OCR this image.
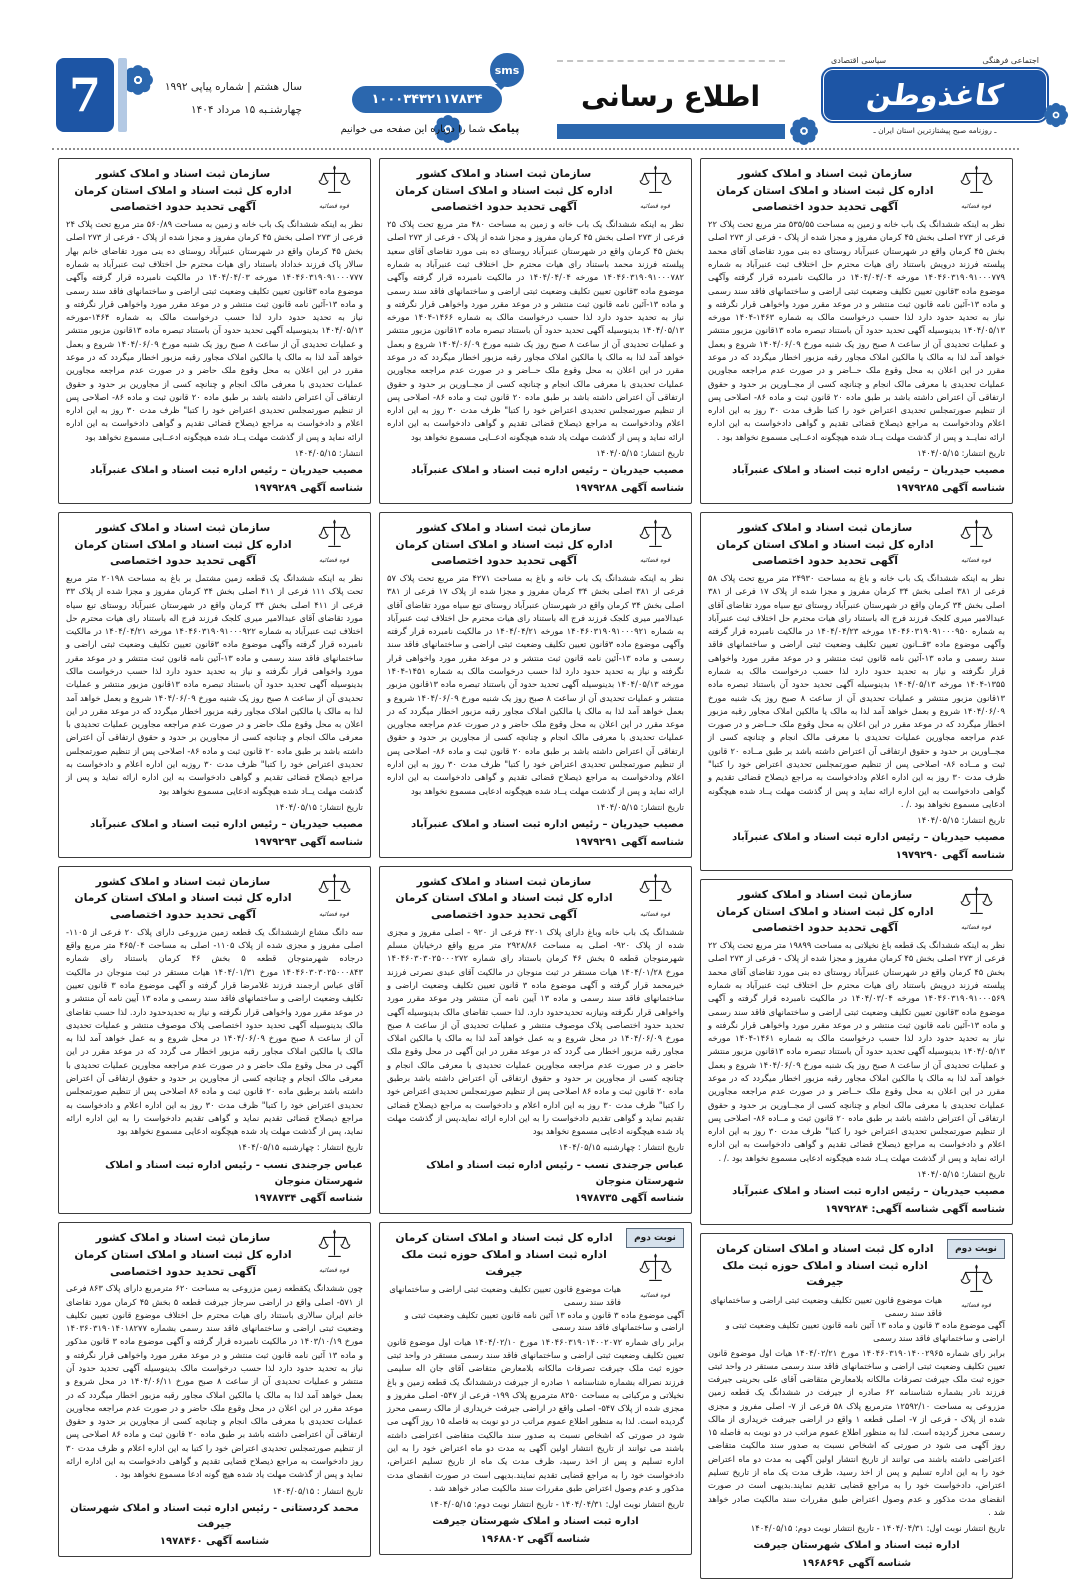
اجتماعی فرهنگی
سیاسی اقتصادی
کاغذوطن
ـ روزنامه صبح پیشتازترین استان ایران ـ
اطلاع رسانی
sms
۱۰۰۰۳۴۳۲۱۱۷۸۳۴
پیامک شما را درباره این صفحه می خوانیم
سال هشتم | شماره پیاپی ۱۹۹۲
چهارشنـبه ۱۵ مرداد ۱۴۰۴
7
قوه قضائیه
سازمان ثبت اسناد و املاک کشور
اداره کل ثبت اسناد و املاک استان کرمان
آگهی تحدید حدود اختصاصی

نظر به اینکه ششدانگ یک باب خانه و زمین به مساحت ۵۳۵/۵۵ متر مربع تحت پلاک ۲۲ فرعی از ۲۷۳ اصلی بخش ۴۵ کرمان مفروز و مجزا شده از پلاک - فرعی از ۲۷۳ اصلی بخش ۴۵ کرمان واقع در شهرستان عنبرآباد روستای ده بنی مورد تقاضای آقای محمد پیلسته فرزند درویش باستناد رای هیات محترم حل اختلاف ثبت عنبرآباد به شماره ۱۴۰۴۶۰۳۱۹۰۹۱۰۰۰۷۷۹ مورخه ۱۴۰۴/۰۴/۰۴ در مالکیت نامبرده قرار گرفته وآگهی موضوع ماده ۳قانون تعیین تکلیف وضعیت ثبتی اراضی و ساختمانهای فاقد سند رسمی و ماده ۱۳-آئین نامه قانون ثبت منتشر و در موعد مقرر مورد واخواهی قرار نگرفته و نیاز به تحدید حدود دارد لذا حسب درخواست مالک به شماره ۱۴۶۳-۱۴۰۴ مورخه ۱۴۰۴/۰۵/۱۳ بدینوسیله آگهی تحدید حدود آن باستناد تبصره ماده ۱۳قانون مزبور منتشر و عملیات تحدیدی آن از ساعت ۸ صبح روز یک شنبه مورخ ۱۴۰۴/۰۶/۰۹ شروع و بعمل خواهد آمد لذا به مالک یا مالکین املاک مجاور رقبه مزبور اخطار میگردد که در موعد مقرر در این اعلان به محل وقوع ملک حــاضر و در صورت عدم مراجعه مجاورین عملیات تحدیدی با معرفی مالک انجام و چنانچه کسی از مجــاورین بر حدود و حقوق ارتفاقی آن اعتراض داشته باشد بر طبق ماده ۲۰ قانون ثبت و ماده ۸۶- اصلاحی پس از تنظیم صورتمجلس تحدیدی اعتراض خود را کتبا ظرف مدت ۳۰ روز به این اداره اعلام ودادخواست به مراجع ذیصلاح قضائی تقدیم و گواهی دادخواست به این اداره ارائه نمایــد و پس از گذشت مهلت یــاد شده هیچگونه ادعــایی مسموع نخواهد بود .

تاریخ انتشار: ۱۴۰۴/۰۵/۱۵
مصیب حیدریان – رئیس اداره ثبت اسناد و املاک عنبرآباد
شناسه آگهی ۱۹۷۹۲۸۵
قوه قضائیه
سازمان ثبت اسناد و املاک کشور
اداره کل ثبت اسناد و املاک استان کرمان
آگهی تحدید حدود اختصاصی

نظر به اینکه ششدانگ یک باب خانه و باغ به مساحت ۲۴۹۳۰ متر مربع تحت پلاک ۵۸ فرعی از ۳۸۱ اصلی بخش ۳۴ کرمان مفروز و مجزا شده از پلاک ۱۷ فرعی از ۳۸۱ اصلی بخش ۳۴ کرمان واقع در شهرستان عنبرآباد روستای تبع سیاه مورد تقاضای آقای عبدالامیر میری کلجک فرزند فرج اله باستناد رای هیات محترم حل اختلاف ثبت عنبرآباد به شماره ۱۴۰۴۶۰۳۱۹۰۹۱۰۰۰۹۵۰ مورخه ۱۴۰۴/۰۴/۲۳ در مالکیت نامبرده قرار گرفته وآگهی موضوع ماده ۳قــانون تعیین تکلیف وضعیت ثبتی اراضی و ساختمانهای فاقد سند رسمی و ماده ۱۳-آئین نامه قانون ثبت منتشر و در موعد مقرر مورد واخواهی قرار نگرفته و نیاز به تحدید حدود دارد لذا حسب درخواست مالک به شماره ۱۳۵۵-۱۴۰۴ مورخه ۱۴۰۴/۰۵/۱۳ بدینوسیله آگهی تحدید حدود آن باستناد تبصره ماده ۱۳قانون مزبور منتشر و عملیات تحدیدی آن از ساعت ۸ صبح روز یک شنبه مورخ ۱۴۰۴/۰۶/۰۹ شروع و بعمل خواهد آمد لذا به مالک یا مالکین املاک مجاور رقبه مزبور اخطار میگردد که در موعد مقرر در این اعلان به محل وقوع ملک حــاضر و در صورت عدم مراجعه مجاورین عملیات تحدیدی با معرفی مالک انجام و چنانچه کسی از مجــاورین بر حدود و حقوق ارتفاقی آن اعتراض داشته باشد بر طبق مــاده ۲۰ قانون ثبت و مــاده ۸۶- اصلاحی پس از تنظیم صورتمجلس تحدیدی اعتراض خود را کتبا" ظرف مدت ۳۰ روز به این اداره اعلام ودادخواست به مراجع ذیصلاح قضائی تقدیم و گواهی دادخواست به این اداره ارائه نماید و پس از گذشت مهلت یــاد شده هیچگونه ادعایی مسموع نخواهد بود ./ .

تاریخ انتشار: ۱۴۰۴/۰۵/۱۵
مصیب حیدریان – رئیس اداره ثبت اسناد و املاک عنبرآباد
شناسه آگهی ۱۹۷۹۲۹۰
قوه قضائیه
سازمان ثبت اسناد و املاک کشور
اداره کل ثبت اسناد و املاک استان کرمان
آگهی تحدید حدود اختصاصی

نظر به اینکه ششدانگ یک قطعه باغ نخیلاتی به مساحت ۱۹۸۹۹ متر مربع تحت پلاک ۲۲ فرعی از ۲۷۳ اصلی بخش ۴۵ کرمان مفروز و مجزا شده از پلاک - فرعی از ۲۷۳ اصلی بخش ۴۵ کرمان واقع در شهرستان عنبرآباد روستای ده بنی مورد تقاضای آقای محمد پیلسته فرزند درویش باستناد رای هیات محترم حل اختلاف ثبت عنبرآباد به شماره ۱۴۰۴۶۰۳۱۹۰۹۱۰۰۰۵۶۹ مورخه ۱۴۰۴/۰۳/۰۴ در مالکیت نامبرده قرار گرفته و آگهی موضوع ماده ۳قانون تعیین تکلیف وضعیت ثبتی اراضی و ساختمانهای فاقد سند رسمی و ماده ۱۳-آئین نامه قانون ثبت منتشر و در موعد مقرر مورد واخواهی قرار نگرفته و نیاز به تحدید حدود دارد لذا حسب درخواست مالک به شماره ۱۴۶۱-۱۴۰۴ مورخه ۱۴۰۴/۰۵/۱۳ بدینوسیله آگهی تحدید حدود آن باستناد تبصره ماده ۱۳قانون مزبور منتشر و عملیات تحدیدی آن از ساعت ۸ صبح روز یک شنبه مورخ ۱۴۰۴/۰۶/۰۹ شروع و بعمل خواهد آمد لذا به مالک یا مالکین املاک مجاور رقبه مزبور اخطار میگردد که در موعد مقرر در این اعلان به محل وقوع ملک حــاضر و در صورت عدم مراجعه مجاورین عملیات تحدیدی با معرفی مالک انجام و چنانچه کسی از مجــاورین بر حدود و حقوق ارتفاقی آن اعتراض داشته باشد بر طبق ماده ۲۰ قانون ثبت و مــاده ۸۶- اصلاحی پس از تنظیم صورتمجلس تحدیدی اعتراض خود را کتبا" ظرف مدت ۳۰ روز به این اداره اعلام و دادخواست به مراجع ذیصلاح قضائی تقدیم و گواهی دادخواست به این اداره ارائه نماید و پس از گذشت مهلت یــاد شده هیچگونه ادعایی مسموع نخواهد بود ./ .

تاریخ انتشار: ۱۴۰۴/۰۵/۱۵
مصیب حیدریان – رئیس اداره ثبت اسناد و املاک عنبرآباد
شناسه آگهی شناسه آگهی: ۱۹۷۹۲۸۴
نوبت دوم
قوه قضائیه
اداره کل ثبت اسناد و املاک استان کرمان
اداره ثبت اسناد و املاک حوزه ثبت ملک جیرفت
هیات موضوع قانون تعیین تکلیف وضعیت ثبتی اراضی و ساختمانهای فاقد سند رسمی
آگهی موضوع ماده ۳ قانون و ماده ۱۳ آئین نامه قانون تعیین تکلیف وضعیت ثبتی و اراضی و ساختمانهای فاقد سند رسمی

برابر رای شماره ۱۴۰۴۶۰۳۱۹۰۱۴۰۰۲۹۶۵ مورخ ۱۴۰۴/۰۲/۲۱ هیات اول موضوع قانون تعیین تکلیف وضعیت ثبتی اراضی و ساختمانهای فاقد سند رسمی مستقر در واحد ثبتی حوزه ثبت ملک جیرفت تصرفات مالکانه بلامعارض متقاضی آقای علی بحرینی جیرفت فرزند نادر بشماره شناسنامه ۶۲ صادره از جیرفت در ششدانگ یک قطعه زمین مزروعی به مساحت ۱۲۵۹۲/۱۰ مترمربع پلاک ۵۸ فرعی از ۷- اصلی مفروز و مجزی شده از پلاک - فرعی از ۷- اصلی قطعه ۱ واقع در اراضی جیرفت خریداری از مالک رسمی محرز گردیده است. لذا به منظور اطلاع عموم مراتب در دو نوبت به فاصله ۱۵ روز آگهی می شود در صورتی که اشخاص نسبت به صدور سند مالکیت متقاضی اعتراضی داشته باشند می توانند از تاریخ انتشار اولین آگهی به مدت دو ماه اعتراض خود را به این اداره تسلیم و پس از اخذ رسید، ظرف مدت یک ماه از تاریخ تسلیم اعتراض، دادخواست خود را به مراجع قضایی تقدیم نمایند.بدیهی است در صورت انقضای مدت مذکور و عدم وصول اعتراض طبق مقررات سند مالکیت صادر خواهد شد .

تاریخ انتشار نوبت اول: ۱۴۰۴/۰۴/۳۱ - تاریخ انتشار نوبت دوم: ۱۴۰۴/۰۵/۱۵
اداره ثبت اسناد و املاک شهرستان جیرفت
شناسه آگهی ۱۹۶۸۶۹۶
قوه قضائیه
سازمان ثبت اسناد و املاک کشور
اداره کل ثبت اسناد و املاک استان کرمان
آگهی تحدید حدود اختصاصی

نظر به اینکه ششدانگ یک باب خانه و زمین به مساحت ۴۸۰ متر مربع تحت پلاک ۲۵ فرعی از ۲۷۳ اصلی بخش ۴۵ کرمان مفروز و مجزا شده از پلاک - فرعی از ۲۷۳ اصلی بخش ۴۵ کرمان واقع در شهرستان عنبرآباد روستای ده بنی مورد تقاضای آقای سعید پیلسته فرزند محمد باستناد رای هیات محترم حل اختلاف ثبت عنبرآباد به شماره ۱۴۰۴۶۰۳۱۹۰۹۱۰۰۰۷۸۲ مورخه ۱۴۰۴/۰۴/۰۴ در مالکیت نامبرده قرار گرفته وآگهی موضوع ماده ۳قانون تعیین تکلیف وضعیت ثبتی اراضی و ساختمانهای فاقد سند رسمی و ماده ۱۳-آئین نامه قانون ثبت منتشر و در موعد مقرر مورد واخواهی قرار نگرفته و نیاز به تحدید حدود دارد لذا حسب درخواست مالک به شماره ۱۴۶۶-۱۴۰۴ مورخه ۱۴۰۴/۰۵/۱۳ بدینوسیله آگهی تحدید حدود آن باستناد تبصره ماده ۱۳قانون مزبور منتشر و عملیات تحدیدی آن از ساعت ۸ صبح روز یک شنبه مورخ ۱۴۰۴/۰۶/۰۹ شروع و بعمل خواهد آمد لذا به مالک یا مالکین املاک مجاور رقبه مزبور اخطار میگردد که در موعد مقرر در این اعلان به محل وقوع ملک حــاضر و در صورت عدم مراجعه مجاورین عملیات تحدیدی با معرفی مالک انجام و چنانچه کسی از مجــاورین بر حدود و حقوق ارتفاقی آن اعتراض داشته باشد بر طبق ماده ۲۰ قانون ثبت و ماده ۸۶- اصلاحی پس از تنظیم صورتمجلس تحدیدی اعتراض خود را کتبا" ظرف مدت ۳۰ روز به این اداره اعلام ودادخواست به مراجع ذیصلاح قضائی تقدیم و گواهی دادخواست به این اداره ارائه نماید و پس از گذشت مهلت یاد شده هیچگونه ادعــایی مسموع نخواهد بود

تاریخ انتشار: ۱۴۰۴/۰۵/۱۵
مصیب حیدریان – رئیس اداره ثبت اسناد و املاک عنبرآباد
شناسه آگهی ۱۹۷۹۲۸۸
قوه قضائیه
سازمان ثبت اسناد و املاک کشور
اداره کل ثبت اسناد و املاک استان کرمان
آگهی تحدید حدود اختصاصی

نظر به اینکه ششدانگ یک باب خانه و باغ به مساحت ۴۲۷۱ متر مربع تحت پلاک ۵۷ فرعی از ۳۸۱ اصلی بخش ۳۴ کرمان مفروز و مجزا شده از پلاک ۱۷ فرعی از ۳۸۱ اصلی بخش ۳۴ کرمان واقع در شهرستان عنبرآباد روستای تبع سیاه مورد تقاضای آقای عبدالامیر میری کلجک فرزند فرج اله باستناد رای هیات محترم حل اختلاف ثبت عنبرآباد به شماره ۱۴۰۴۶۰۳۱۹۰۹۱۰۰۰۹۲۱ مورخه ۱۴۰۴/۰۴/۲۱ در مالکیت نامبرده قرار گرفته وآگهی موضوع ماده ۳قانون تعیین تکلیف وضعیت ثبتی اراضی و ساختمانهای فاقد سند رسمی و ماده ۱۳-آئین نامه قانون ثبت منتشر و در موعد مقرر مورد واخواهی قرار نگرفته و نیاز به تحدید حدود دارد لذا حسب درخواست مالک به شماره ۱۴۵۱-۱۴۰۴ مورخه ۱۴۰۴/۰۵/۱۳ بدینوسیله آگهی تحدید حدود آن باستناد تبصره ماده ۱۳قانون مزبور منتشر و عملیات تحدیدی آن از ساعت ۸ صبح روز یک شنبه مورخ ۱۴۰۴/۰۶/۰۹ شروع و بعمل خواهد آمد لذا به مالک یا مالکین املاک مجاور رقبه مزبور اخطار میگردد که در موعد مقرر در این اعلان به محل وقوع ملک حاضر و در صورت عدم مراجعه مجاورین عملیات تحدیدی با معرفی مالک انجام و چنانچه کسی از مجاورین بر حدود و حقوق ارتفاقی آن اعتراض داشته باشد بر طبق ماده ۲۰ قانون ثبت و ماده ۸۶- اصلاحی پس از تنظیم صورتمجلس تحدیدی اعتراض خود را کتبا" ظرف مدت ۳۰ روز به این اداره اعلام ودادخواست به مراجع ذیصلاح قضائی تقدیم و گواهی دادخواست به این اداره ارائه نماید و پس از گذشت مهلت یــاد شده هیچگونه ادعایی مسموع نخواهد بود

تاریخ انتشار: ۱۴۰۴/۰۵/۱۵
مصیب حیدریان – رئیس اداره ثبت اسناد و املاک عنبرآباد
شناسه آگهی ۱۹۷۹۲۹۱
قوه قضائیه
سازمان ثبت اسناد و املاک کشور
اداره کل ثبت اسناد و املاک استان کرمان
آگهی تحدید حدود اختصاصی

ششدانگ یک باب خانه وباغ دارای پلاک ۴۲۰۱ فرعی از ۹۲۰ - اصلی مفروز و مجزی شده از پلاک ۹۲۰- اصلی به مساحت ۲۹۲۸/۸۶ متر مربع واقع درخیابان مسلم شهرمنوجان قطعه ۵ بخش ۴۶ کرمان باستناد رای شماره ۱۴۰۴۶۰۳۰۳۰۲۵۰۰۰۲۷۲ مورخ ۱۴۰۴/۰۱/۲۸ هیات مستقر در ثبت منوجان در مالکیت آقای عبدی نصرتی فرزند خیرمحمد قرار گرفته و آگهی موضوع ماده ۳ قانون تعیین تکلیف وضعیت اراضی و ساختمانهای فاقد سند رسمی و ماده ۱۳ آیین نامه آن منتشر ودر موعد مقرر مورد واخواهی قرار نگرفته ونیازبه تحدیدحدود دارد. لذا حسب تقاضای مالک بدینوسیله آگهی تحدید حدود اختصاصی پلاک موصوف منتشر و عملیات تحدیدی آن از ساعت ۸ صبح مورخ ۱۴۰۴/۰۶/۰۹ در محل شروع و به عمل خواهد آمد لذا به مالک یا مالکین املاک مجاور رقبه مزبور اخطار می گردد که در موعد مقرر در این آگهی در محل وقوع ملک حاضر و در صورت عدم مراجعه مجاورین عملیات تحدیدی با معرفی مالک انجام و چنانچه کسی از مجاورین بر حدود و حقوق ارتفاقی آن اعتراض داشته باشد برطبق ماده ۲۰ قانون ثبت و ماده ۸۶ اصلاحی پس از تنظیم صورتمجلس تحدیدی اعتراض خود را کتبا" ظرف مدت ۳۰ روز به این اداره اعلام و دادخواست به مراجع ذیصلاح قضائی تقدیم نماید و گواهی تقدیم دادخواست را به این اداره ارائه نماید،پس از گذشت مهلت یاد شده هیچگونه ادعایی مسموع نخواهد بود

تاریخ انتشار : چهارشنبه ۱۴۰۴/۰۵/۱۵
عباس جرجندی نسب - رئیس اداره ثبت اسناد و املاک شهرستان منوجان
شناسه آگهی ۱۹۷۸۷۳۵
نوبت دوم
قوه قضائیه
اداره کل ثبت اسناد و املاک استان کرمان
اداره ثبت اسناد و املاک حوزه ثبت ملک جیرفت
هیات موضوع قانون تعیین تکلیف وضعیت ثبتی اراضی و ساختمانهای فاقد سند رسمی
آگهی موضوع ماده ۳ قانون و ماده ۱۳ آئین نامه قانون تعیین تکلیف وضعیت ثبتی و اراضی و ساختمانهای فاقد سند رسمی

برابر رای شماره ۱۴۰۴۶۰۳۱۹۰۱۴۰۰۲۰۷۲ مورخ ۱۴۰۴/۰۲/۱۰ هیات اول موضوع قانون تعیین تکلیف وضعیت ثبتی اراضی و ساختمانهای فاقد سند رسمی مستقر در واحد ثبتی حوزه ثبت ملک جیرفت تصرفات مالکانه بلامعارض متقاضی آقای جان اله سلیمی فرزند نصراله بشماره شناسنامه ۱ صادره از جیرفت درششدانگ یک قطعه زمین و باغ نخیلاتی و مرکباتی به مساحت ۸۲۵۰ مترمربع پلاک ۱۹۹- فرعی از ۵۴۷- اصلی مفروز و مجزی شده از پلاک ۵۴۷- اصلی واقع در اراضی جیرفت خریداری از مالک رسمی محرز گردیده است. لذا به منظور اطلاع عموم مراتب در دو نوبت به فاصله ۱۵ روز آگهی می شود در صورتی که اشخاص نسبت به صدور سند مالکیت متقاضی اعتراضی داشته باشند می توانند از تاریخ انتشار اولین آگهی به مدت دو ماه اعتراض خود را به این اداره تسلیم و پس از اخذ رسید، ظرف مدت یک ماه از تاریخ تسلیم اعتراض، دادخواست خود را به مراجع قضایی تقدیم نمایند.بدیهی است در صورت انقضای مدت مذکور و عدم وصول اعتراض طبق مقررات سند مالکیت صادر خواهد شد .

تاریخ انتشار نوبت اول: ۱۴۰۴/۰۴/۳۱ - تاریخ انتشار نوبت دوم: ۱۴۰۴/۰۵/۱۵
اداره ثبت اسناد و املاک شهرستان جیرفت
شناسه آگهی ۱۹۶۸۸۰۲
قوه قضائیه
سازمان ثبت اسناد و املاک کشور
اداره کل ثبت اسناد و املاک استان کرمان
آگهی تحدید حدود اختصاصی

نظر به اینکه ششدانگ یک باب خانه و زمین به مساحت ۵۶۰/۸۹ متر مربع تحت پلاک ۲۴ فرعی از ۲۷۳ اصلی بخش ۴۵ کرمان مفروز و مجزا شده از پلاک - فرعی از ۲۷۳ اصلی بخش ۴۵ کرمان واقع در شهرستان عنبرآباد روستای ده بنی مورد تقاضای خانم بهار سالار پاک فرزند خداداد باستناد رای هیات محترم حل اختلاف ثبت عنبرآباد به شماره ۱۴۰۴۶۰۳۱۹۰۹۱۰۰۰۷۷۷ مورخه ۱۴۰۴/۰۴/۰۳ در مالکیت نامبرده قرار گرفته وآگهی موضوع ماده ۳قانون تعیین تکلیف وضعیت ثبتی اراضی و ساختمانهای فاقد سند رسمی و ماده ۱۳-آئین نامه قانون ثبت منتشر و در موعد مقرر مورد واخواهی قرار نگرفته و نیاز به تحدید حدود دارد لذا حسب درخواست مالک به شماره ۱۴۶۴-مورخه ۱۴۰۴/۰۵/۱۳ بدینوسیله آگهی تحدید حدود آن باستناد تبصره ماده ۱۳قانون مزبور منتشر و عملیات تحدیدی آن از ساعت ۸ صبح روز یک شنبه مورخ ۱۴۰۴/۰۶/۰۹ شروع و بعمل خواهد آمد لذا به مالک یا مالکین املاک مجاور رقبه مزبور اخطار میگردد که در موعد مقرر در این اعلان به محل وقوع ملک حاضر و در صورت عدم مراجعه مجاورین عملیات تحدیدی با معرفی مالک انجام و چنانچه کسی از مجاورین بر حدود و حقوق ارتفاقی آن اعتراض داشته باشد بر طبق ماده ۲۰ قانون ثبت و ماده ۸۶- اصلاحی پس از تنظیم صورتمجلس تحدیدی اعتراض خود را کتبا" ظرف مدت ۳۰ روز به این اداره اعلام و دادخواست به مراجع ذیصلاح قضائی تقدیم و گواهی دادخواست به این اداره ارائه نماید و پس از گذشت مهلت یــاد شده هیچگونه ادعــایی مسموع نخواهد بود

انتشار: ۱۴۰۴/۰۵/۱۵
مصیب حیدریان – رئیس اداره ثبت اسناد و املاک عنبرآباد
شناسه آگهی ۱۹۷۹۲۸۹
قوه قضائیه
سازمان ثبت اسناد و املاک کشور
اداره کل ثبت اسناد و املاک استان کرمان
آگهی تحدید حدود اختصاصی

نظر به اینکه ششدانگ یک قطعه زمین مشتمل بر باغ به مساحت ۲۰۱۹۸ متر مربع تحت پلاک ۱۱۱ فرعی از ۴۱۱ اصلی بخش ۳۴ کرمان مفروز و مجزا شده از پلاک ۳۳ فرعی از ۴۱۱ اصلی بخش ۳۴ کرمان واقع در شهرستان عنبرآباد روستای تبع سیاه مورد تقاضای آقای عبدالامیر میری کلجک فرزند فرج اله باستناد رای هیات محترم حل اختلاف ثبت عنبرآباد به شماره ۱۴۰۴۶۰۳۱۹۰۹۱۰۰۰۹۲۲ مورخه ۱۴۰۴/۰۴/۲۱ در مالکیت نامبرده قرار گرفته وآگهی موضوع ماده ۳قانون تعیین تکلیف وضعیت ثبتی اراضی و ساختمانهای فاقد سند رسمی و ماده ۱۳-آئین نامه قانون ثبت منتشر و در موعد مقرر مورد واخواهی قرار نگرفته و نیاز به تحدید حدود دارد لذا حسب درخواست مالک بدینوسیله آگهی تحدید حدود آن باستناد تبصره ماده ۱۳قانون مزبور منتشر و عملیات تحدیدی آن از ساعت ۸ صبح روز یک شنبه مورخ ۱۴۰۴/۰۶/۰۹ شروع و بعمل خواهد آمد لذا به مالک یا مالکین املاک مجاور رقبه مزبور اخطار میگردد که در موعد مقرر در این اعلان به محل وقوع ملک حاضر و در صورت عدم مراجعه مجاورین عملیات تحدیدی با معرفی مالک انجام و چنانچه کسی از مجاورین بر حدود و حقوق ارتفاقی آن اعتراض داشته باشد بر طبق ماده ۲۰ قانون ثبت و ماده ۸۶- اصلاحی پس از تنظیم صورتمجلس تحدیدی اعتراض خود را کتبا" ظرف مدت ۳۰ روزبه این اداره اعلام و دادخواست به مراجع ذیصلاح قضائی تقدیم و گواهی دادخواست به این اداره ارائه نماید و پس از گذشت مهلت یــاد شده هیچگونه ادعایی مسموع نخواهد بود

تاریخ انتشار: ۱۴۰۴/۰۵/۱۵
مصیب حیدریان – رئیس اداره ثبت اسناد و املاک عنبرآباد
شناسه آگهی ۱۹۷۹۲۹۳
قوه قضائیه
سازمان ثبت اسناد و املاک کشور
اداره کل ثبت اسناد و املاک استان کرمان
آگهی تحدید حدود اختصاصی

سه دانگ مشاع ازششدانگ یک قطعه زمین مزروعی دارای پلاک ۲۰ فرعی از ۱۱۰۵- اصلی مفروز و مجزی شده از پلاک ۱۱۰۵- اصلی به مساحت ۴۶۵/۰۴ متر مربع واقع درجاده شهرمنوجان قطعه ۵ بخش ۴۶ کرمان باستناد رای شماره ۱۴۰۴۶۰۳۰۳۰۲۵۰۰۰۸۴۳ مورخ ۱۴۰۴/۰۱/۳۱ هیات مستقر در ثبت منوجان در مالکیت آقای عباس ارجمند فرزند غلامرضا قرار گرفته و آگهی موضوع ماده ۳ قانون تعیین تکلیف وضعیت اراضی و ساختمانهای فاقد سند رسمی و ماده ۱۳ آیین نامه آن منتشر و در موعد مقرر مورد واخواهی قرار نگرفته و نیاز به تحدیدحدود دارد. لذا حسب تقاضای مالک بدینوسیله آگهی تحدید حدود اختصاصی پلاک موصوف منتشر و عملیات تحدیدی آن از ساعت ۸ صبح مورخ ۱۴۰۴/۰۶/۰۹ در محل شروع و به عمل خواهد آمد لذا به مالک یا مالکین املاک مجاور رقبه مزبور اخطار می گردد که در موعد مقرر در این آگهی در محل وقوع ملک حاضر و در صورت عدم مراجعه مجاورین عملیات تحدیدی با معرفی مالک انجام و چنانچه کسی از مجاورین بر حدود و حقوق ارتفاقی آن اعتراض داشته باشد برطبق ماده ۲۰ قانون ثبت و ماده ۸۶ اصلاحی پس از تنظیم صورتمجلس تحدیدی اعتراض خود را کتبا" ظرف مدت ۳۰ روز به این اداره اعلام و دادخواست به مراجع ذیصلاح قضائی تقدیم نماید و گواهی تقدیم دادخواست را به این اداره ارائه نماید، پس از گذشت مهلت یاد شده هیچگونه ادعایی مسموع نخواهد بود

تاریخ انتشار : چهارشنبه ۱۴۰۴/۰۵/۱۵
عباس جرجندی نسب - رئیس اداره ثبت اسناد و املاک شهرستان منوجان
شناسه آگهی ۱۹۷۸۷۳۴
قوه قضائیه
سازمان ثبت اسناد و املاک کشور
اداره کل ثبت اسناد و املاک استان کرمان
آگهی تحدید حدود اختصاصی

چون ششدانگ یکقطعه زمین مزروعی به مساحت ۶۲۰ مترمربع دارای پلاک ۸۶۳ فرعی از ۵۷۱- اصلی واقع در اراضی سرجاز جیرفت قطعه ۵ بخش ۴۵ کرمان مورد تقاضای خانم ایران سالاری باستناد رای هیات محترم حل اختلاف موضوع قانون تعیین تکلیف وضعیت ثبتی اراضی و ساختمانهای فاقد سند رسمی بشماره ۱۴۰۳۶۰۳۱۹۰۱۴۰۱۸۲۷۷ مورخ ۱۴۰۳/۱۰/۱۹ در مالکیت نامبرده قرار گرفته و آگهی موضوع ماده ۳ قانون مذکور و ماده ۱۳ آئین نامه قانون ثبت منتشر و در موعد مقرر مورد واخواهی قرار نگرفته و نیاز به تحدید حدود دارد لذا حسب درخواست مالک بدینوسیله آگهی تحدید حدود آن منتشر و عملیات تحدیدی آن از ساعت ۸ صبح مورخ ۱۴۰۴/۰۶/۱۱ در محل شروع و بعمل خواهد آمد لذا به مالک یا مالکین املاک مجاور رقبه مزبور اخطار میگردد که در موعد مقرر در این اعلان در محل وقوع ملک حاضر و در صورت عدم مراجعه مجاورین عملیات تحدیدی با معرفی مالک انجام و چنانچه کسی از مجاورین بر حدود و حقوق ارتفاقی آن اعتراضی داشته باشد بر طبق ماده ۲۰ قانون ثبت و ماده ۸۶ اصلاحی پس از تنظیم صورتمجلس تحدیدی اعتراض خود را کتبا به این اداره اعلام و ظرف مدت ۳۰ روز دادخواست به مراجع ذیصلاح قضایی تقدیم و گواهی دادخواست به این اداره ارائه نماید و پس از گذشت مهلت یاد شده هیچ گونه ادعا مسموع نخواهد بود .

تاریخ انتشار : ۱۴۰۴/۰۵/۱۵
محمد کردستانی - رئیس اداره ثبت اسناد و املاک شهرستان جیرفت
شناسه آگهی ۱۹۷۸۴۶۰
